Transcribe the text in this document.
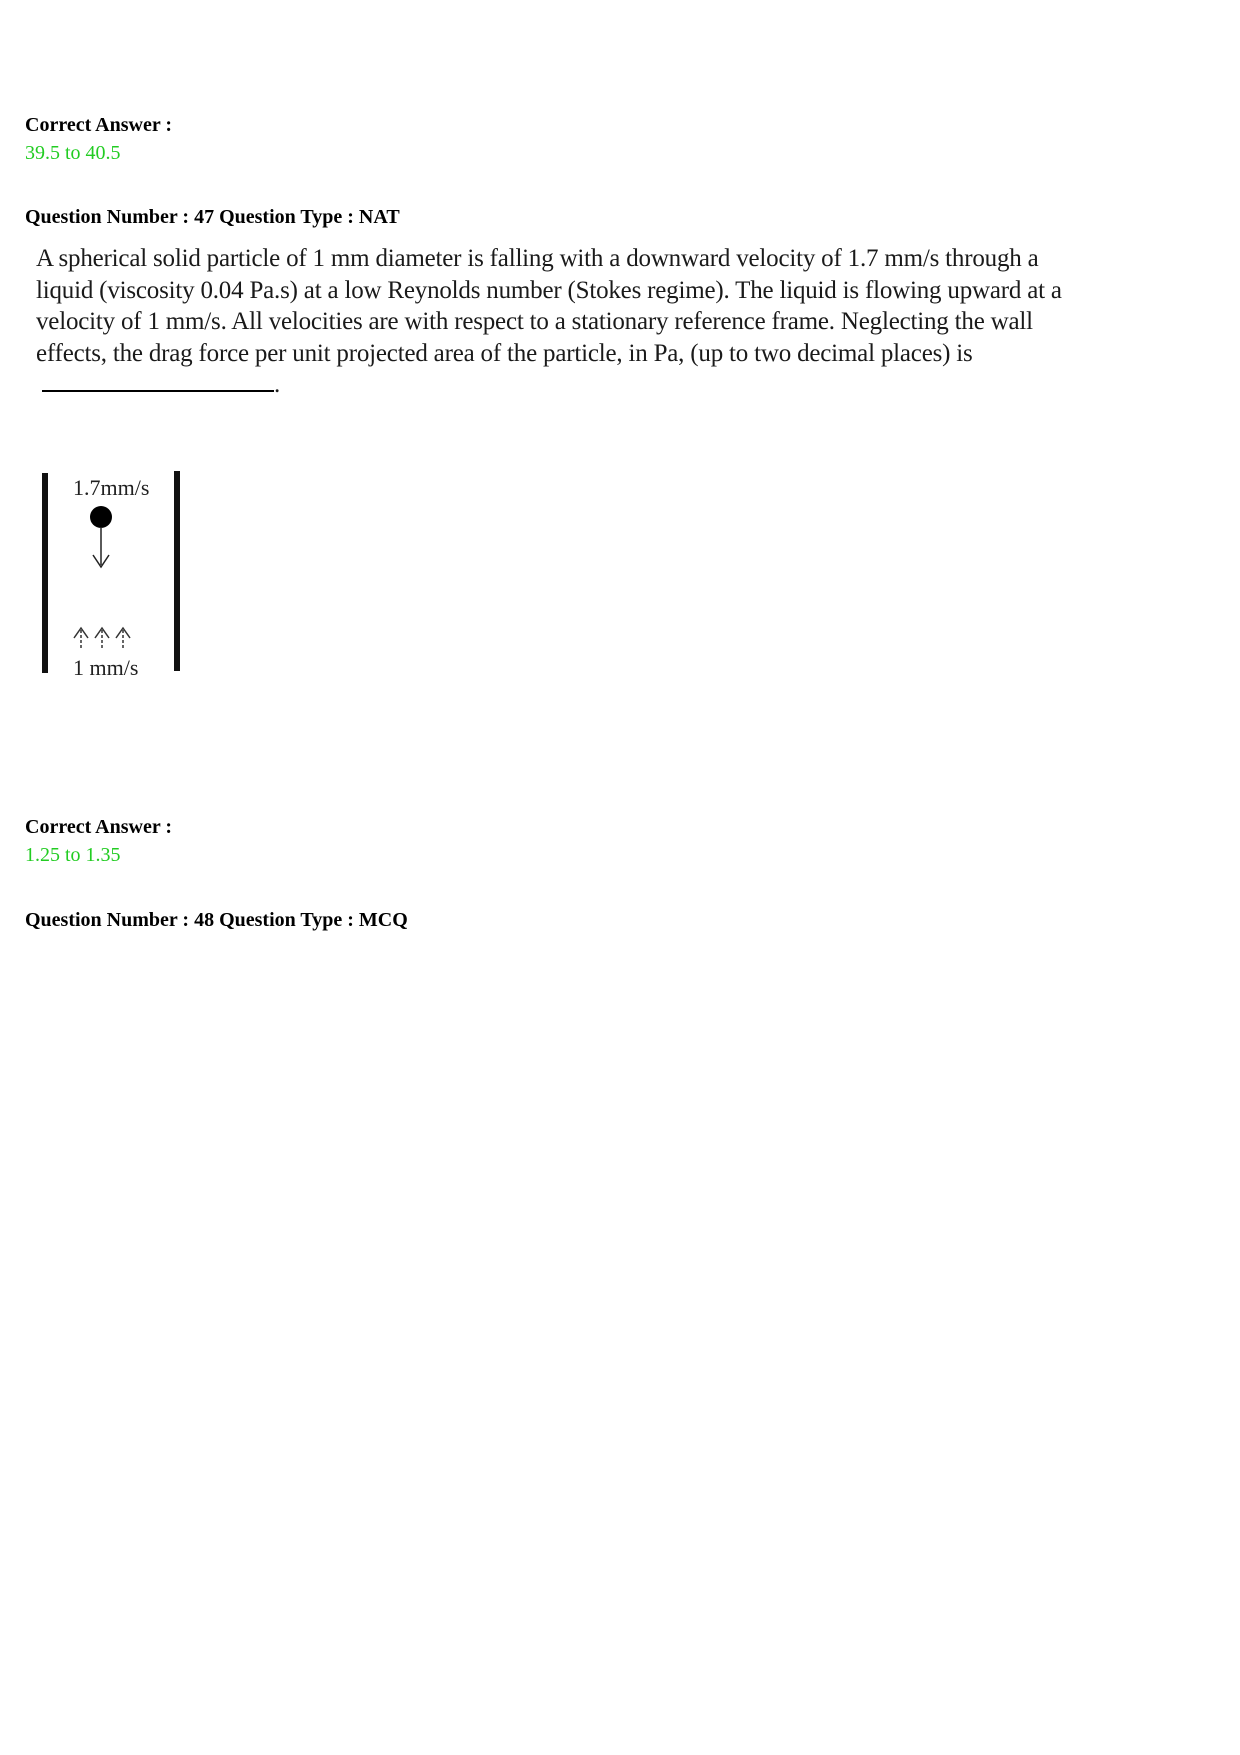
Correct Answer :
39.5 to 40.5
Question Number : 47 Question Type : NAT

A spherical solid particle of 1 mm diameter is falling with a downward velocity of 1.7 mm/s through a liquid (viscosity 0.04 Pa.s) at a low Reynolds number (Stokes regime). The liquid is flowing upward at a velocity of 1 mm/s. All velocities are with respect to a stationary reference frame. Neglecting the wall effects, the drag force per unit projected area of the particle, in Pa, (up to two decimal places) is.

1.7mm/s
1 mm/s
Correct Answer :
1.25 to 1.35
Question Number : 48 Question Type : MCQ
